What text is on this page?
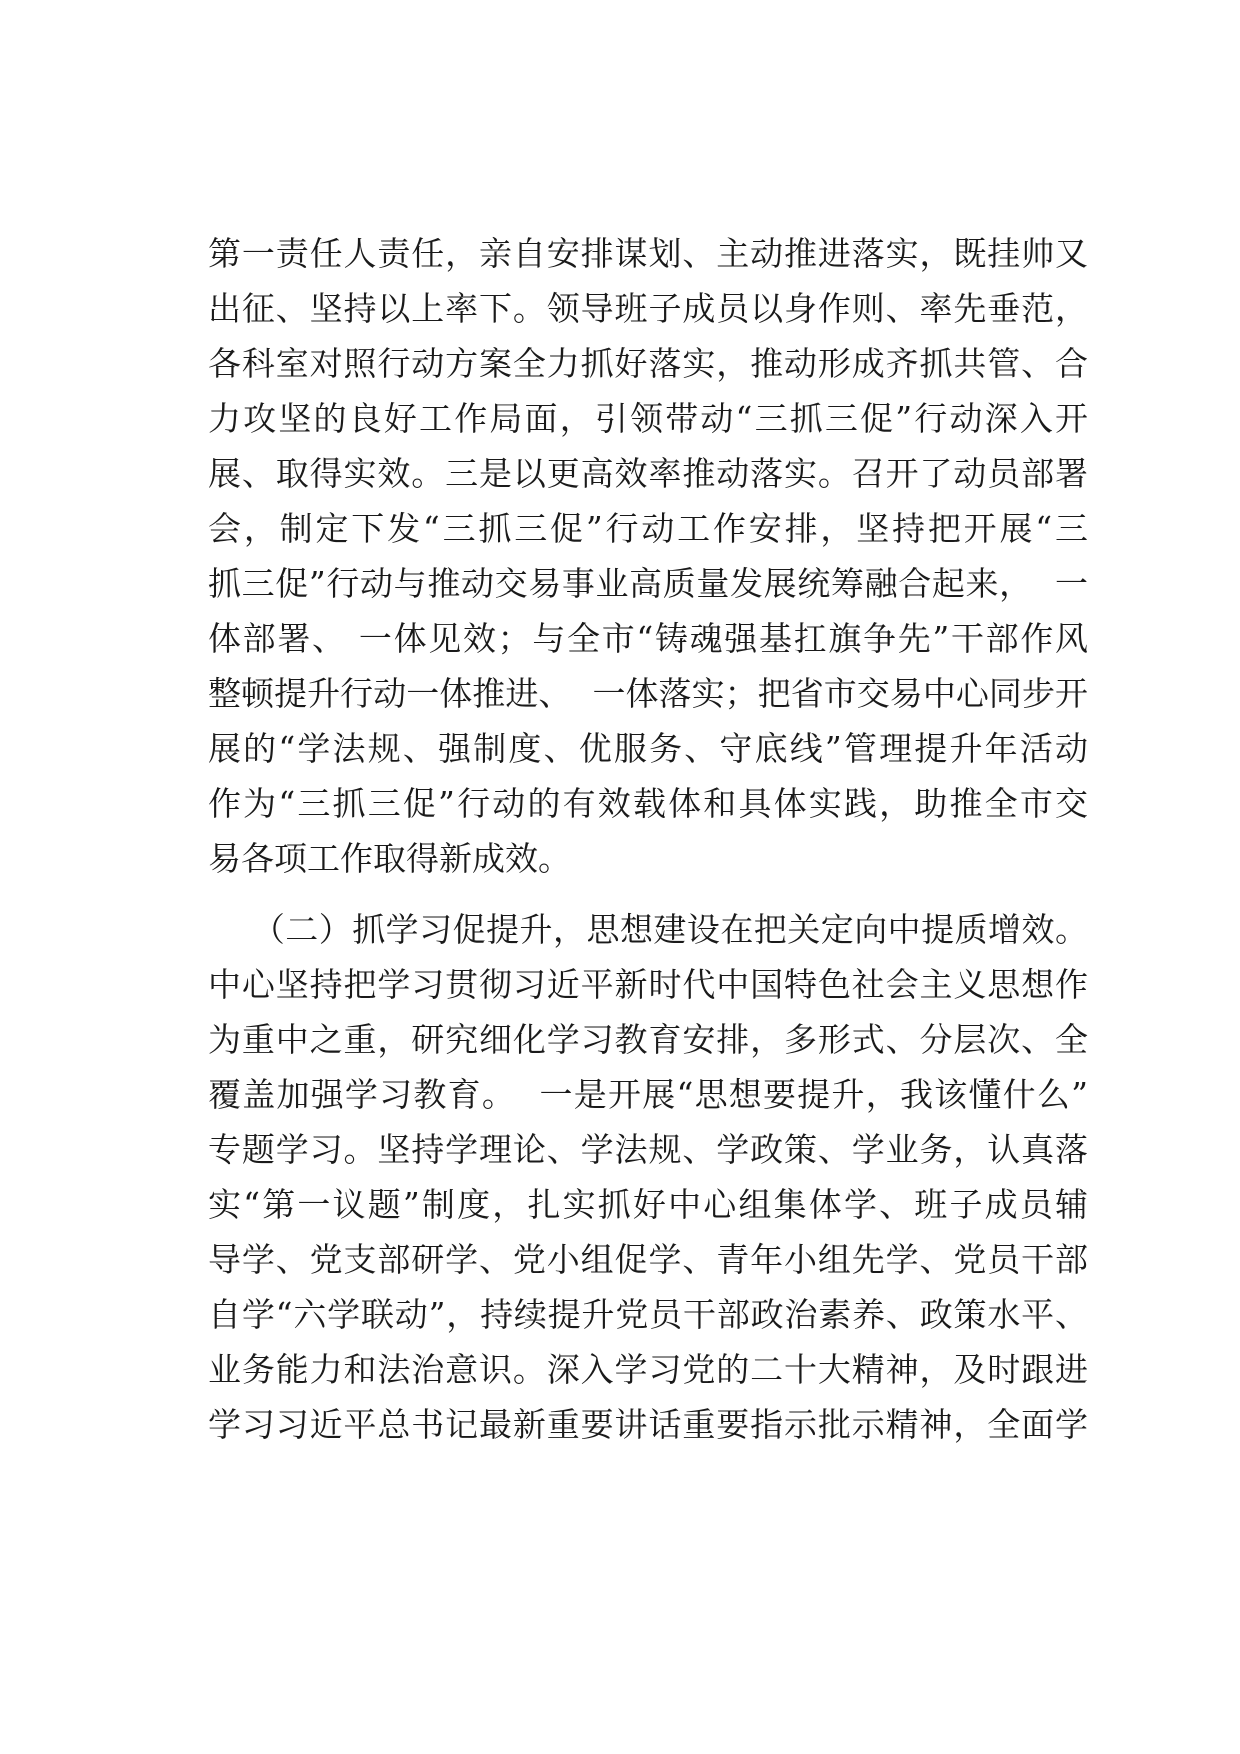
第一责任人责任，亲自安排谋划、主动推进落实，既挂帅又
出征、坚持以上率下。领导班子成员以身作则、率先垂范，
各科室对照行动方案全力抓好落实，推动形成齐抓共管、合
力攻坚的良好工作局面，引领带动“三抓三促”行动深入开
展、取得实效。三是以更高效率推动落实。召开了动员部署
会，制定下发“三抓三促”行动工作安排，坚持把开展“三
抓三促”行动与推动交易事业高质量发展统筹融合起来，  一
体部署、 一体见效；与全市“铸魂强基扛旗争先”干部作风
整顿提升行动一体推进、  一体落实；把省市交易中心同步开
展的“学法规、强制度、优服务、守底线”管理提升年活动
作为“三抓三促”行动的有效载体和具体实践，助推全市交
易各项工作取得新成效。
（二）抓学习促提升，思想建设在把关定向中提质增效。
中心坚持把学习贯彻习近平新时代中国特色社会主义思想作
为重中之重，研究细化学习教育安排，多形式、分层次、全
覆盖加强学习教育。  一是开展“思想要提升，我该懂什么”
专题学习。坚持学理论、学法规、学政策、学业务，认真落
实“第一议题”制度，扎实抓好中心组集体学、班子成员辅
导学、党支部研学、党小组促学、青年小组先学、党员干部
自学“六学联动”，持续提升党员干部政治素养、政策水平、
业务能力和法治意识。深入学习党的二十大精神，及时跟进
学习习近平总书记最新重要讲话重要指示批示精神，全面学
